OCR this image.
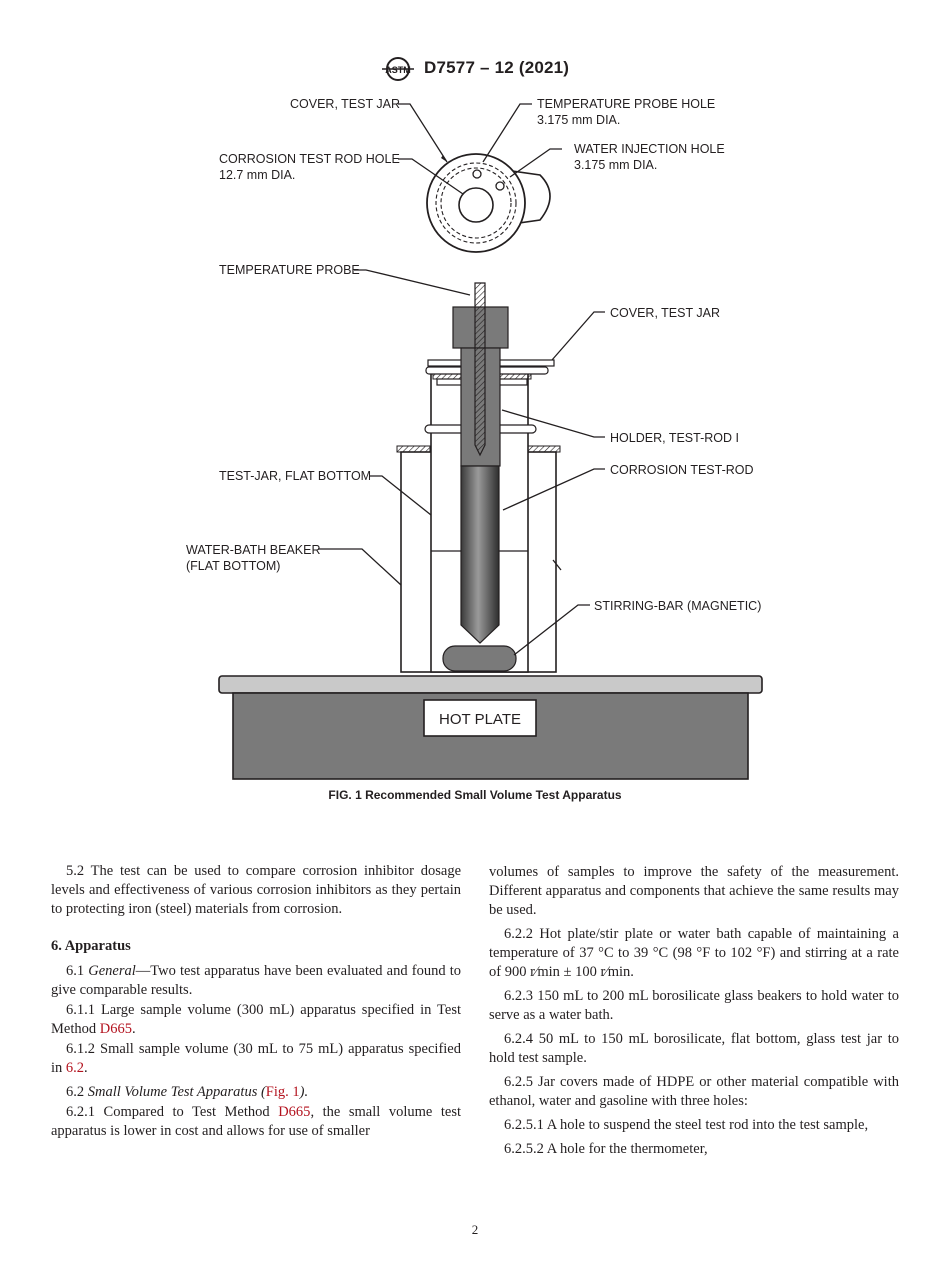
ASTM D7577 – 12 (2021)
COVER, TEST JAR	TEMPERATURE PROBE HOLE
3.175 mm DIA.
WATER INJECTION HOLE
3.175 mm DIA.
CORROSION TEST ROD HOLE
12.7 mm DIA.
HOT PLATE
TEMPERATURE PROBE
COVER, TEST JAR
HOLDER, TEST-ROD I
CORROSION TEST-ROD
TEST-JAR, FLAT BOTTOM
WATER-BATH BEAKER
(FLAT BOTTOM)
STIRRING-BAR (MAGNETIC)
FIG. 1 Recommended Small Volume Test Apparatus

5.2 The test can be used to compare corrosion inhibitor dosage levels and effectiveness of various corrosion inhibitors as they pertain to protecting iron (steel) materials from corrosion.

6. Apparatus

6.1 General—Two test apparatus have been evaluated and found to give comparable results.

6.1.1 Large sample volume (300 mL) apparatus specified in Test Method D665.

6.1.2 Small sample volume (30 mL to 75 mL) apparatus specified in 6.2.

6.2 Small Volume Test Apparatus (Fig. 1).

6.2.1 Compared to Test Method D665, the small volume test apparatus is lower in cost and allows for use of smaller

volumes of samples to improve the safety of the measurement. Different apparatus and components that achieve the same results may be used.

6.2.2 Hot plate/stir plate or water bath capable of maintaining a temperature of 37 °C to 39 °C (98 °F to 102 °F) and stirring at a rate of 900 r⁄min ± 100 r⁄min.

6.2.3 150 mL to 200 mL borosilicate glass beakers to hold water to serve as a water bath.

6.2.4 50 mL to 150 mL borosilicate, flat bottom, glass test jar to hold test sample.

6.2.5 Jar covers made of HDPE or other material compatible with ethanol, water and gasoline with three holes:

6.2.5.1 A hole to suspend the steel test rod into the test sample,

6.2.5.2 A hole for the thermometer,

2
